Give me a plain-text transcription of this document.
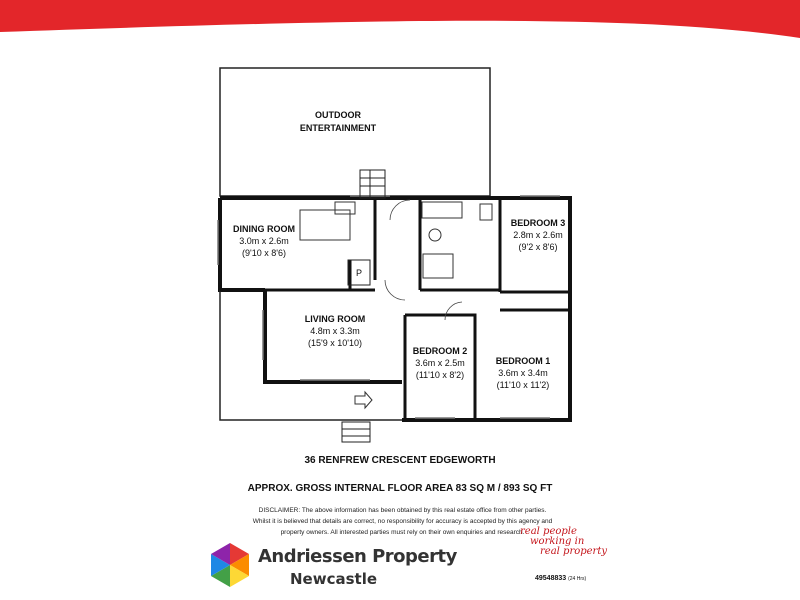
OUTDOOR
ENTERTAINMENT
DINING ROOM
3.0m x 2.6m
(9'10 x 8'6)
BEDROOM 3
2.8m x 2.6m
(9'2 x 8'6)
P
LIVING ROOM
4.8m x 3.3m
(15'9 x 10'10)
BEDROOM 2
3.6m x 2.5m
(11'10 x 8'2)
BEDROOM 1
3.6m x 3.4m
(11'10 x 11'2)
36 RENFREW CRESCENT EDGEWORTH
APPROX. GROSS INTERNAL FLOOR AREA 83 SQ M / 893 SQ FT
DISCLAIMER: The above information has been obtained by this real estate office from other parties.
Whilst it is believed that details are correct, no responsibility for accuracy is accepted by this agency and
property owners. All interested parties must rely on their own enquiries and research.
Andriessen Property
Newcastle
real people
working in
real property
49548833 (24 Hrs)
